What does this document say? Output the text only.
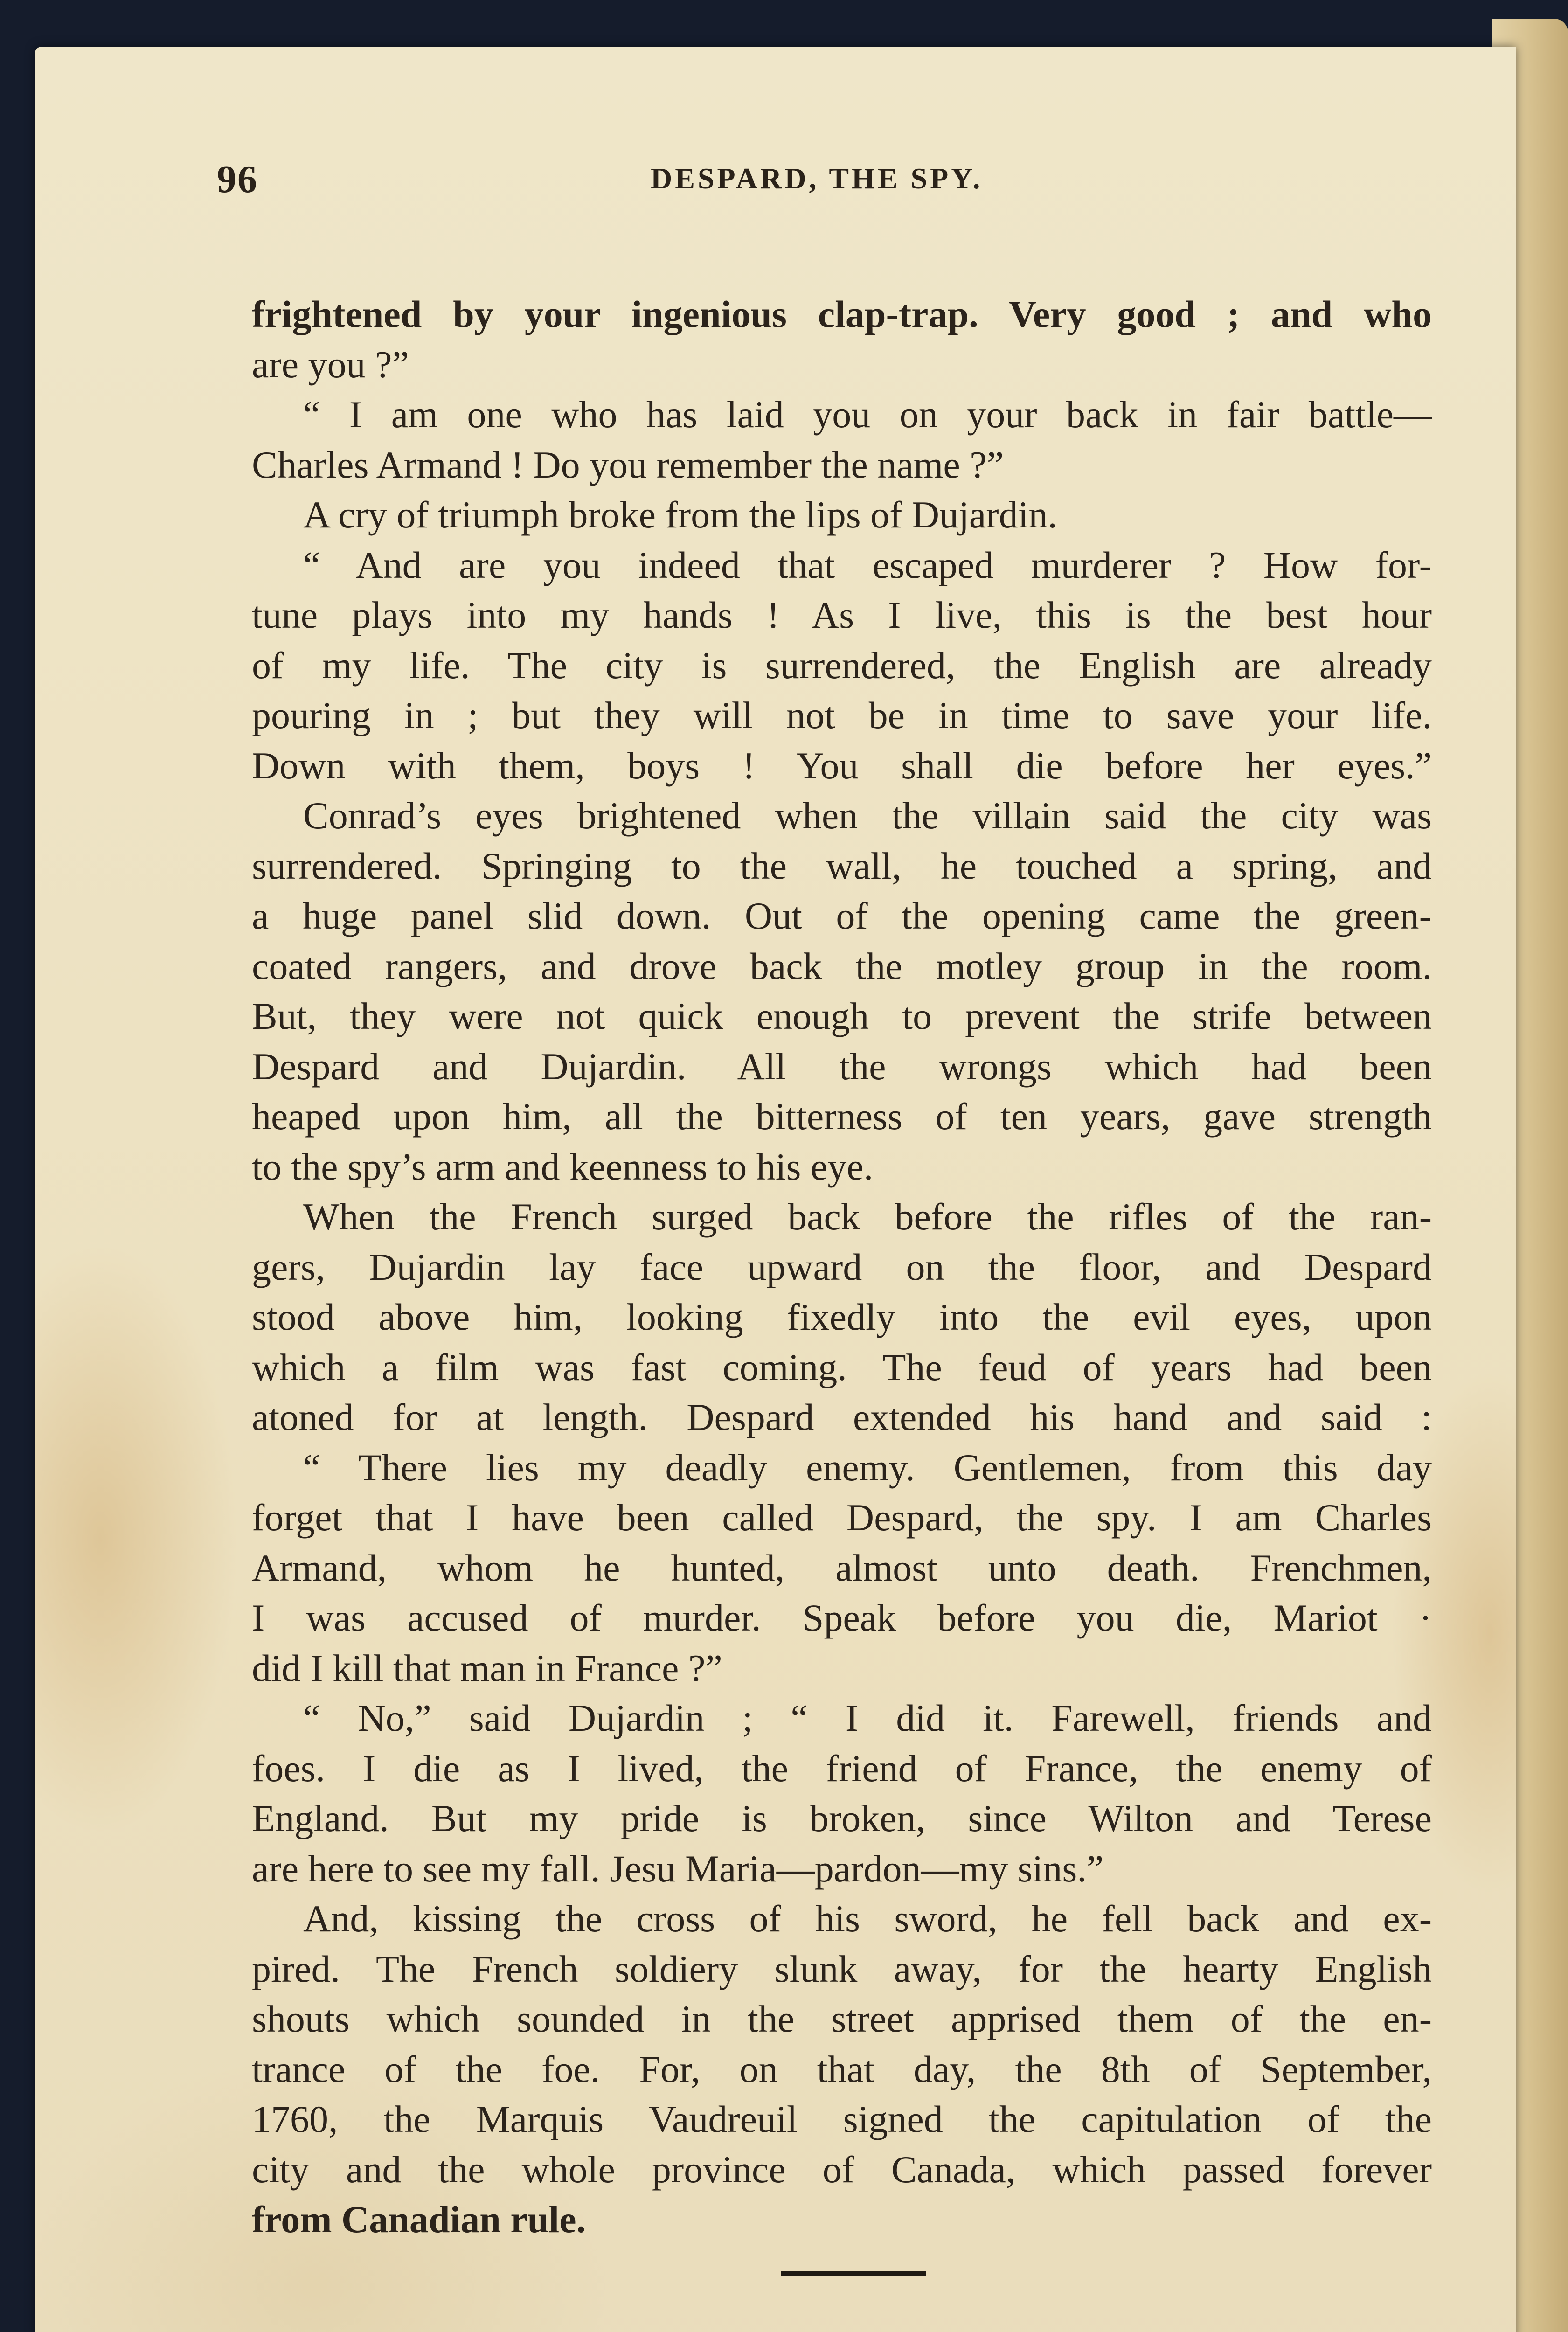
96	DESPARD, THE SPY.
frightened by your ingenious clap-trap. Very good ; and who
are you ?”
“ I am one who has laid you on your back in fair battle—
Charles Armand ! Do you remember the name ?”
A cry of triumph broke from the lips of Dujardin.
“ And are you indeed that escaped murderer ? How for-
tune plays into my hands ! As I live, this is the best hour
of my life. The city is surrendered, the English are already
pouring in ; but they will not be in time to save your life.
Down with them, boys ! You shall die before her eyes.”
Conrad’s eyes brightened when the villain said the city was
surrendered. Springing to the wall, he touched a spring, and
a huge panel slid down. Out of the opening came the green-
coated rangers, and drove back the motley group in the room.
But, they were not quick enough to prevent the strife between
Despard and Dujardin. All the wrongs which had been
heaped upon him, all the bitterness of ten years, gave strength
to the spy’s arm and keenness to his eye.
When the French surged back before the rifles of the ran-
gers, Dujardin lay face upward on the floor, and Despard
stood above him, looking fixedly into the evil eyes, upon
which a film was fast coming. The feud of years had been
atoned for at length. Despard extended his hand and said :
“ There lies my deadly enemy. Gentlemen, from this day
forget that I have been called Despard, the spy. I am Charles
Armand, whom he hunted, almost unto death. Frenchmen,
I was accused of murder. Speak before you die, Mariot ·
did I kill that man in France ?”
“ No,” said Dujardin ; “ I did it. Farewell, friends and
foes. I die as I lived, the friend of France, the enemy of
England. But my pride is broken, since Wilton and Terese
are here to see my fall. Jesu Maria—pardon—my sins.”
And, kissing the cross of his sword, he fell back and ex-
pired. The French soldiery slunk away, for the hearty English
shouts which sounded in the street apprised them of the en-
trance of the foe. For, on that day, the 8th of September,
1760, the Marquis Vaudreuil signed the capitulation of the
city and the whole province of Canada, which passed forever
from Canadian rule.
